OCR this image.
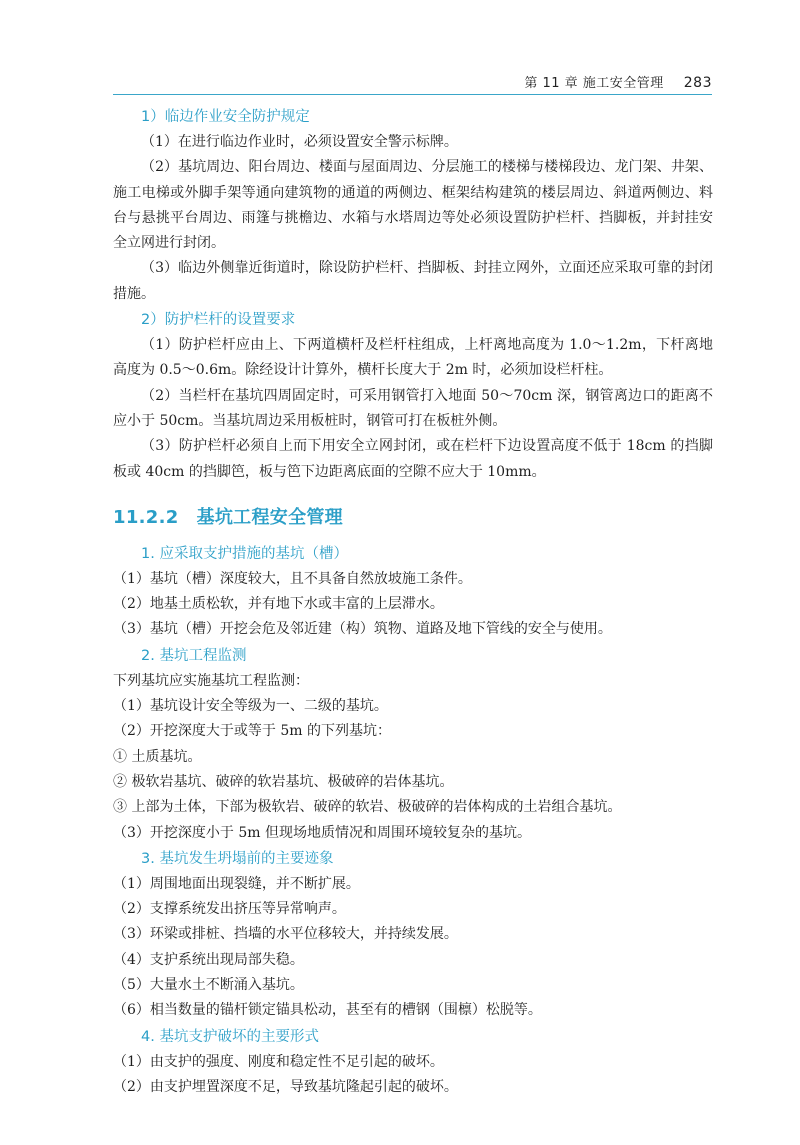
第 11 章 施工安全管理 283

1）临边作业安全防护规定

（1）在进行临边作业时，必须设置安全警示标牌。

（2）基坑周边、阳台周边、楼面与屋面周边、分层施工的楼梯与楼梯段边、龙门架、井架、施工电梯或外脚手架等通向建筑物的通道的两侧边、框架结构建筑的楼层周边、斜道两侧边、料台与悬挑平台周边、雨篷与挑檐边、水箱与水塔周边等处必须设置防护栏杆、挡脚板，并封挂安全立网进行封闭。

（3）临边外侧靠近街道时，除设防护栏杆、挡脚板、封挂立网外，立面还应采取可靠的封闭措施。

2）防护栏杆的设置要求

（1）防护栏杆应由上、下两道横杆及栏杆柱组成，上杆离地高度为 1.0～1.2m，下杆离地高度为 0.5～0.6m。除经设计计算外，横杆长度大于 2m 时，必须加设栏杆柱。

（2）当栏杆在基坑四周固定时，可采用钢管打入地面 50～70cm 深，钢管离边口的距离不应小于 50cm。当基坑周边采用板桩时，钢管可打在板桩外侧。

（3）防护栏杆必须自上而下用安全立网封闭，或在栏杆下边设置高度不低于 18cm 的挡脚板或 40cm 的挡脚笆，板与笆下边距离底面的空隙不应大于 10mm。

11.2.2 基坑工程安全管理

1. 应采取支护措施的基坑（槽）

（1）基坑（槽）深度较大，且不具备自然放坡施工条件。

（2）地基土质松软，并有地下水或丰富的上层滞水。

（3）基坑（槽）开挖会危及邻近建（构）筑物、道路及地下管线的安全与使用。

2. 基坑工程监测

下列基坑应实施基坑工程监测：

（1）基坑设计安全等级为一、二级的基坑。

（2）开挖深度大于或等于 5m 的下列基坑：

① 土质基坑。

② 极软岩基坑、破碎的软岩基坑、极破碎的岩体基坑。

③ 上部为土体，下部为极软岩、破碎的软岩、极破碎的岩体构成的土岩组合基坑。

（3）开挖深度小于 5m 但现场地质情况和周围环境较复杂的基坑。

3. 基坑发生坍塌前的主要迹象

（1）周围地面出现裂缝，并不断扩展。

（2）支撑系统发出挤压等异常响声。

（3）环梁或排桩、挡墙的水平位移较大，并持续发展。

（4）支护系统出现局部失稳。

（5）大量水土不断涌入基坑。

（6）相当数量的锚杆锁定锚具松动，甚至有的槽钢（围檩）松脱等。

4. 基坑支护破坏的主要形式

（1）由支护的强度、刚度和稳定性不足引起的破坏。

（2）由支护埋置深度不足，导致基坑隆起引起的破坏。
